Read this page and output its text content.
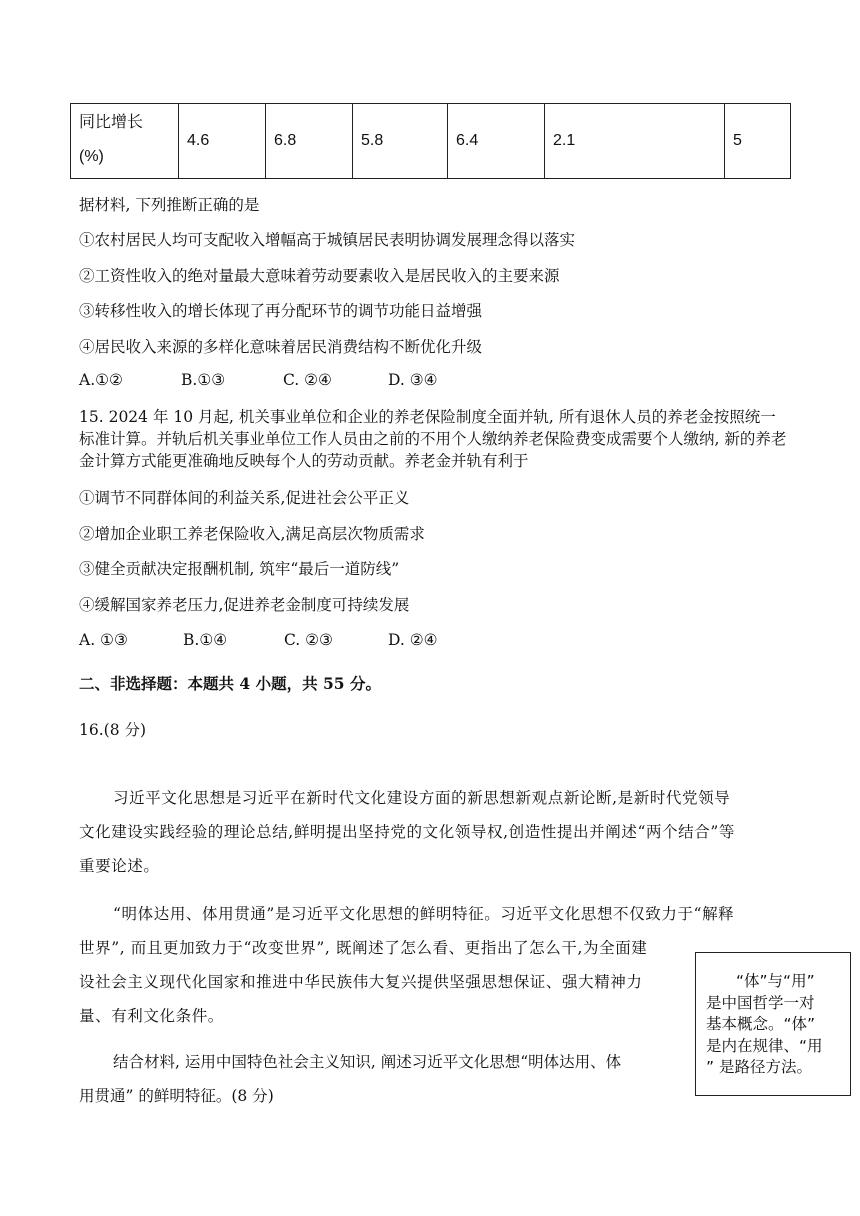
同比增长
(%)
	4.6	6.8	5.8	6.4	2.1	5
据材料, 下列推断正确的是
①农村居民人均可支配收入增幅高于城镇居民表明协调发展理念得以落实
②工资性收入的绝对量最大意味着劳动要素收入是居民收入的主要来源
③转移性收入的增长体现了再分配环节的调节功能日益增强
④居民收入来源的多样化意味着居民消费结构不断优化升级
A.①②	B.①③	C. ②④	D. ③④
15. 2024 年 10 月起, 机关事业单位和企业的养老保险制度全面并轨, 所有退休人员的养老金按照统一标准计算。并轨后机关事业单位工作人员由之前的不用个人缴纳养老保险费变成需要个人缴纳, 新的养老金计算方式能更准确地反映每个人的劳动贡献。养老金并轨有利于
①调节不同群体间的利益关系,促进社会公平正义
②增加企业职工养老保险收入,满足高层次物质需求
③健全贡献决定报酬机制, 筑牢“最后一道防线”
④缓解国家养老压力,促进养老金制度可持续发展
A. ①③	B.①④	C. ②③	D. ②④
二、非选择题：本题共 4 小题，共 55 分。
16.(8 分)
习近平文化思想是习近平在新时代文化建设方面的新思想新观点新论断,是新时代党领导
文化建设实践经验的理论总结,鲜明提出坚持党的文化领导权,创造性提出并阐述“两个结合”等
重要论述。
“明体达用、体用贯通”是习近平文化思想的鲜明特征。习近平文化思想不仅致力于“解释
世界”, 而且更加致力于“改变世界”, 既阐述了怎么看、更指出了怎么干,为全面建
设社会主义现代化国家和推进中华民族伟大复兴提供坚强思想保证、强大精神力
量、有利文化条件。
结合材料, 运用中国特色社会主义知识, 阐述习近平文化思想“明体达用、体
用贯通” 的鲜明特征。(8 分)
“体”与“用”
是中国哲学一对
基本概念。“体”
是内在规律、“用
” 是路径方法。
